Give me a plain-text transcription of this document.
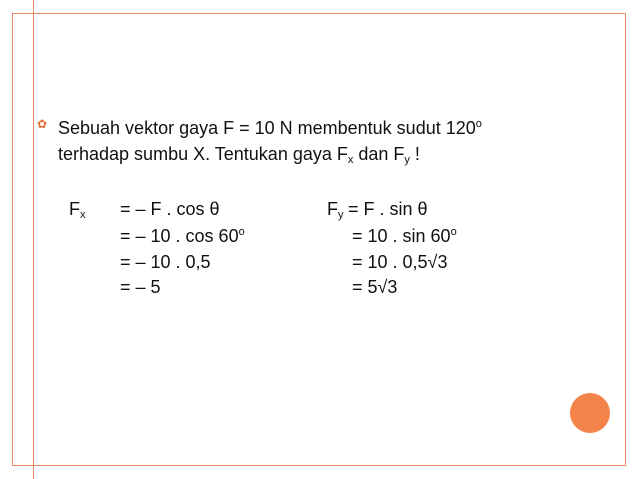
✿ Sebuah vektor gaya F = 10 N membentuk sudut 120$^o$
terhadap sumbu X. Tentukan gaya $F_x$ dan $F_y$ !
$F_x$ = – F . cos θ
= – 10 . $\cos 60^o$
= – 10 . 0,5
= – 5
$F_y = F$ . sin θ
= 10 . $\sin 60^o$
= 10 . 0,5√3
= 5√3
